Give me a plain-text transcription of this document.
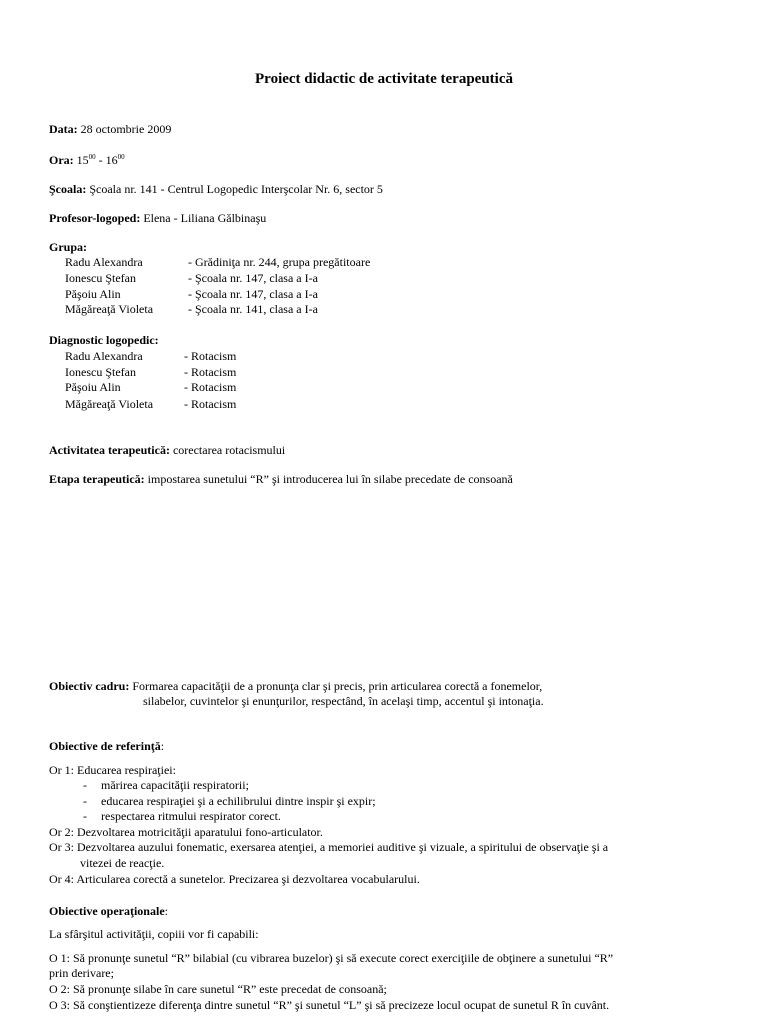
Proiect didactic de activitate terapeutică
Data: 28 octombrie 2009
Ora: $15^{00} - 16^{00}$
Şcoala: Şcoala nr. 141 - Centrul Logopedic Interşcolar Nr. 6, sector 5
Profesor-logoped: Elena - Liliana Gălbinaşu
Grupa:
Radu Alexandra	- Grădiniţa nr. 244, grupa pregătitoare
Ionescu Ştefan	- Şcoala nr. 147, clasa a I-a
Păşoiu Alin	- Şcoala nr. 147, clasa a I-a
Măgăreaţă Violeta	- Şcoala nr. 141, clasa a I-a
Diagnostic logopedic:
Radu Alexandra	- Rotacism
Ionescu Ştefan	- Rotacism
Păşoiu Alin	- Rotacism
Măgăreaţă Violeta	- Rotacism
Activitatea terapeutică: corectarea rotacismului
Etapa terapeutică: impostarea sunetului “R” şi introducerea lui în silabe precedate de consoană
Obiectiv cadru: Formarea capacităţii de a pronunţa clar şi precis, prin articularea corectă a fonemelor,
silabelor, cuvintelor şi enunţurilor, respectând, în acelaşi timp, accentul şi intonaţia.
Obiective de referinţă:
Or 1: Educarea respiraţiei:
- mărirea capacităţii respiratorii;
- educarea respiraţiei şi a echilibrului dintre inspir şi expir;
- respectarea ritmului respirator corect.
Or 2: Dezvoltarea motricităţii aparatului fono-articulator.
Or 3: Dezvoltarea auzului fonematic, exersarea atenţiei, a memoriei auditive şi vizuale, a spiritului de observaţie şi a
vitezei de reacţie.
Or 4: Articularea corectă a sunetelor. Precizarea şi dezvoltarea vocabularului.
Obiective operaţionale:
La sfârşitul activităţii, copiii vor fi capabili:
O 1: Să pronunţe sunetul “R” bilabial (cu vibrarea buzelor) şi să execute corect exerciţiile de obţinere a sunetului “R”
prin derivare;
O 2: Să pronunţe silabe în care sunetul “R” este precedat de consoană;
O 3: Să conştientizeze diferenţa dintre sunetul “R” şi sunetul “L” şi să precizeze locul ocupat de sunetul R în cuvânt.
